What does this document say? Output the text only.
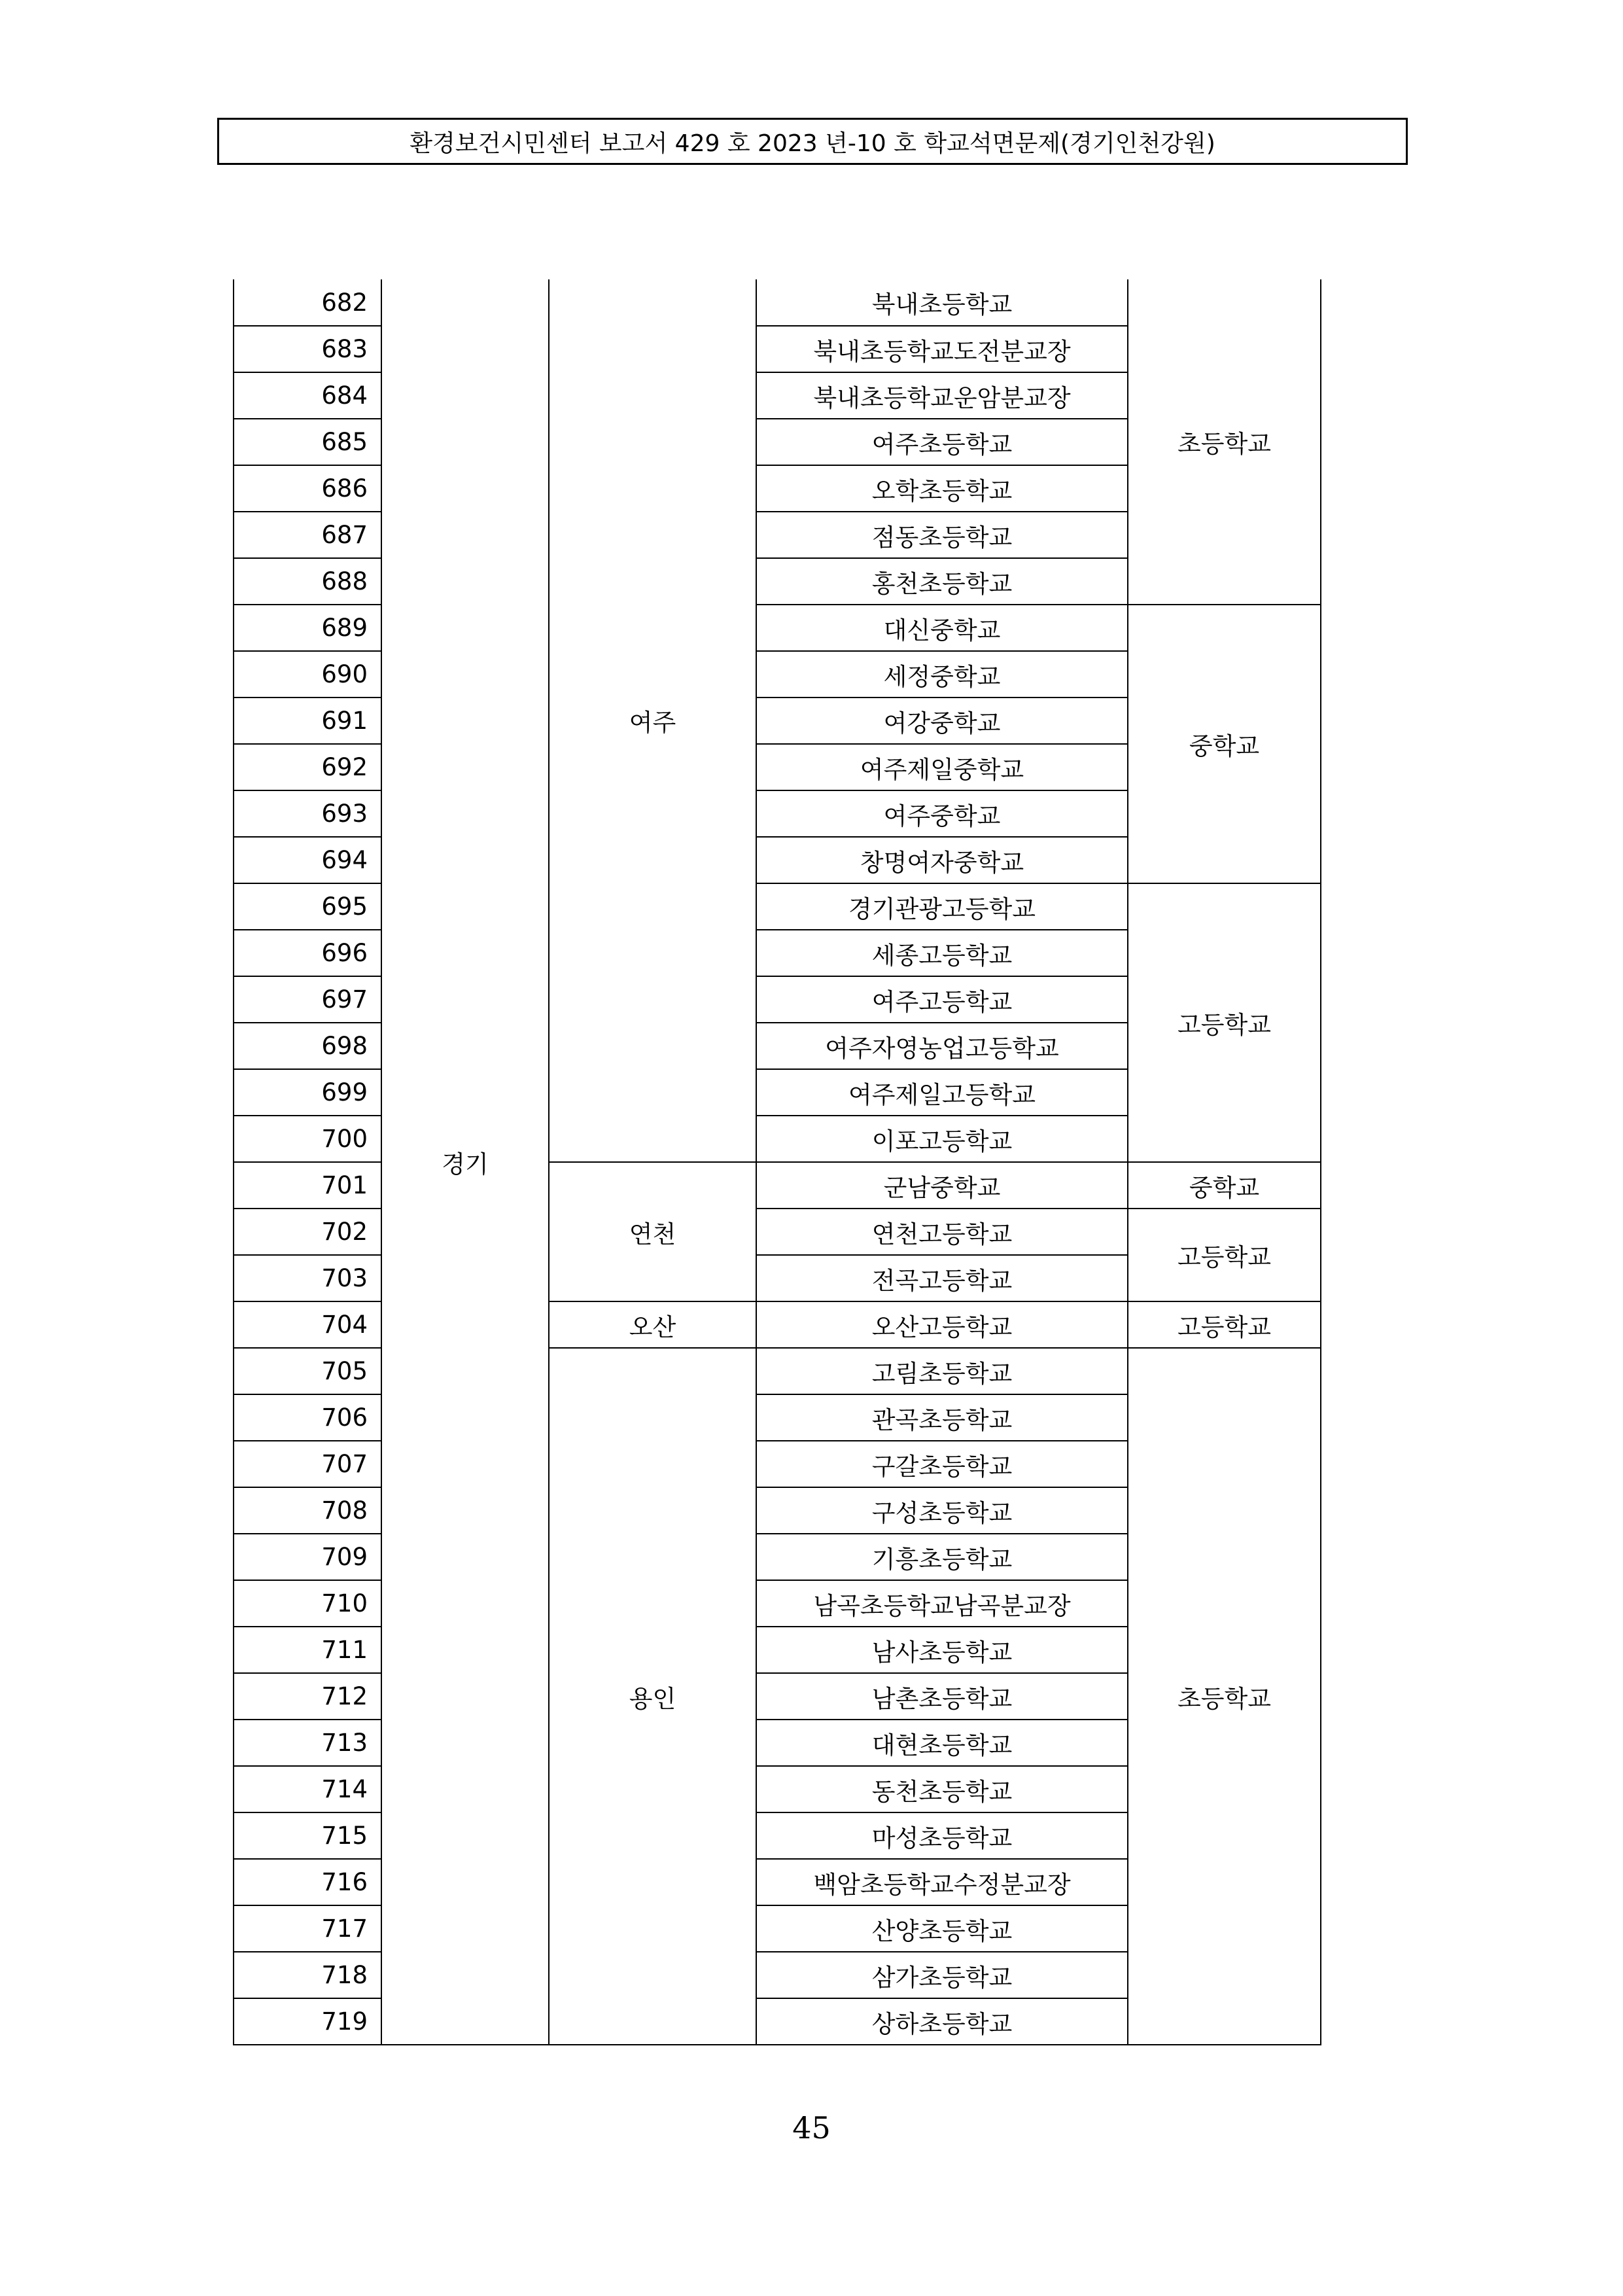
환경보건시민센터 보고서 429 호 2023 년-10 호 학교석면문제(경기인천강원)
682	경기	여주	북내초등학교	초등학교
683			북내초등학교도전분교장	
684			북내초등학교운암분교장	
685			여주초등학교	
686			오학초등학교	
687			점동초등학교	
688			홍천초등학교	
689			대신중학교	중학교
690			세정중학교	
691			여강중학교	
692			여주제일중학교	
693			여주중학교	
694			창명여자중학교	
695			경기관광고등학교	고등학교
696			세종고등학교	
697			여주고등학교	
698			여주자영농업고등학교	
699			여주제일고등학교	
700			이포고등학교	
701		연천	군남중학교	중학교
702			연천고등학교	고등학교
703			전곡고등학교	
704		오산	오산고등학교	고등학교
705		용인	고림초등학교	초등학교
706			관곡초등학교	
707			구갈초등학교	
708			구성초등학교	
709			기흥초등학교	
710			남곡초등학교남곡분교장	
711			남사초등학교	
712			남촌초등학교	
713			대현초등학교	
714			동천초등학교	
715			마성초등학교	
716			백암초등학교수정분교장	
717			산양초등학교	
718			삼가초등학교	
719			상하초등학교	
45
